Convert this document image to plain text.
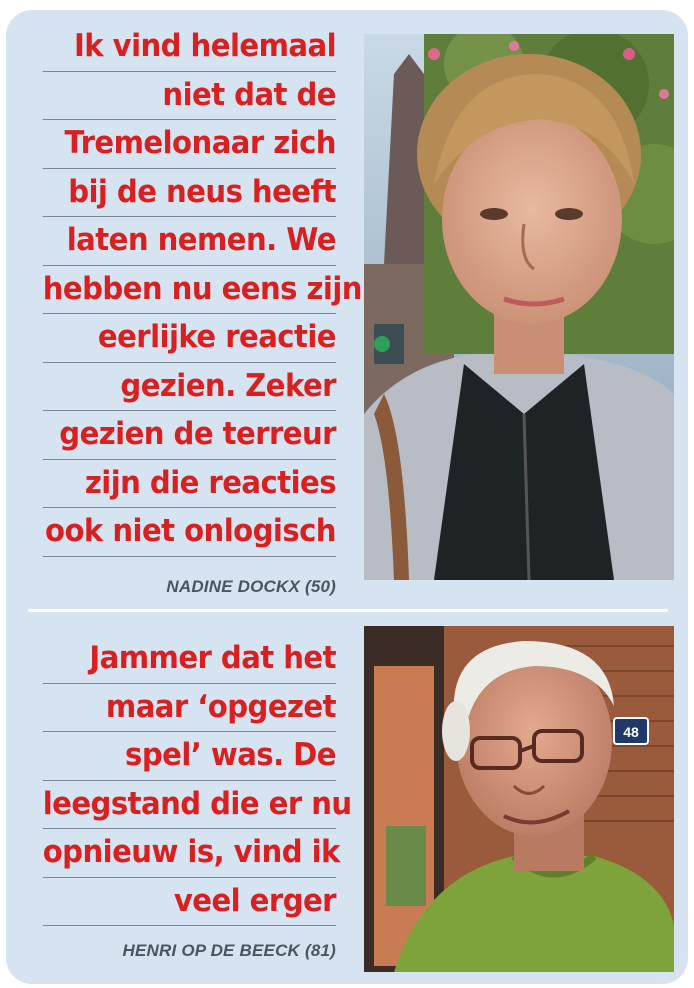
Ik vind helemaal
niet dat de
Tremelonaar zich
bij de neus heeft
laten nemen. We
hebben nu eens zijn
eerlijke reactie
gezien. Zeker
gezien de terreur
zijn die reacties
ook niet onlogisch
NADINE DOCKX (50)
Jammer dat het
maar ‘opgezet
spel’ was. De
leegstand die er nu
opnieuw is, vind ik
veel erger
HENRI OP DE BEECK (81)
48
